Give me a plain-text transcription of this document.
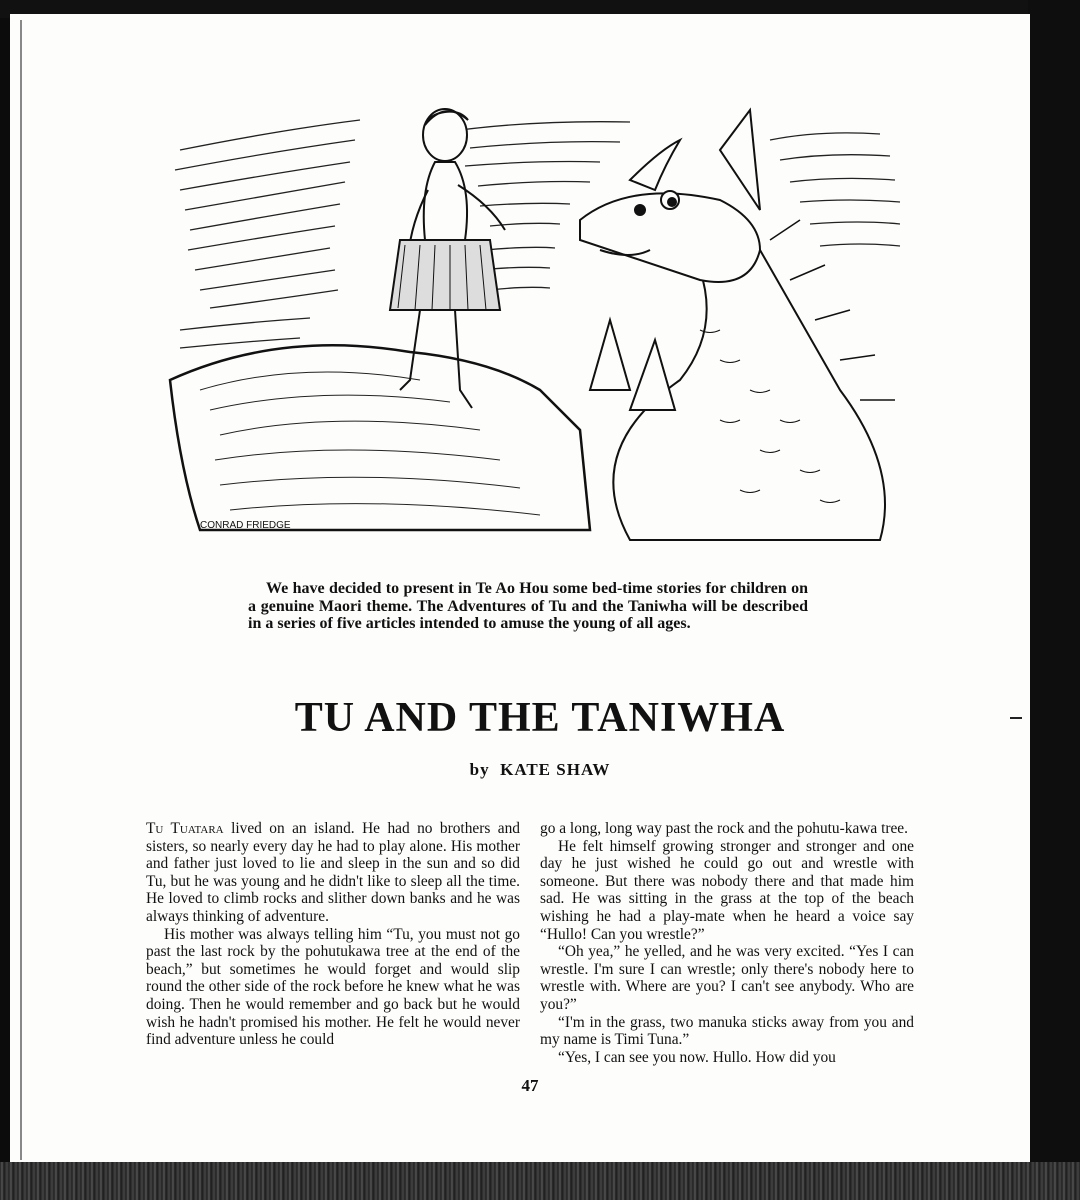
CONRAD FRIEDGE
We have decided to present in Te Ao Hou some bed-time stories for children on a genuine Maori theme. The Adventures of Tu and the Taniwha will be described in a series of five articles intended to amuse the young of all ages.
TU AND THE TANIWHA
by KATE SHAW

Tu Tuatara lived on an island. He had no brothers and sisters, so nearly every day he had to play alone. His mother and father just loved to lie and sleep in the sun and so did Tu, but he was young and he didn't like to sleep all the time. He loved to climb rocks and slither down banks and he was always thinking of adventure.

His mother was always telling him “Tu, you must not go past the last rock by the pohutukawa tree at the end of the beach,” but sometimes he would forget and would slip round the other side of the rock before he knew what he was doing. Then he would remember and go back but he would wish he hadn't promised his mother. He felt he would never find adventure unless he could

go a long, long way past the rock and the pohutu-kawa tree.

He felt himself growing stronger and stronger and one day he just wished he could go out and wrestle with someone. But there was nobody there and that made him sad. He was sitting in the grass at the top of the beach wishing he had a play-mate when he heard a voice say “Hullo! Can you wrestle?”

“Oh yea,” he yelled, and he was very excited. “Yes I can wrestle. I'm sure I can wrestle; only there's nobody here to wrestle with. Where are you? I can't see anybody. Who are you?”

“I'm in the grass, two manuka sticks away from you and my name is Timi Tuna.”

“Yes, I can see you now. Hullo. How did you

47
